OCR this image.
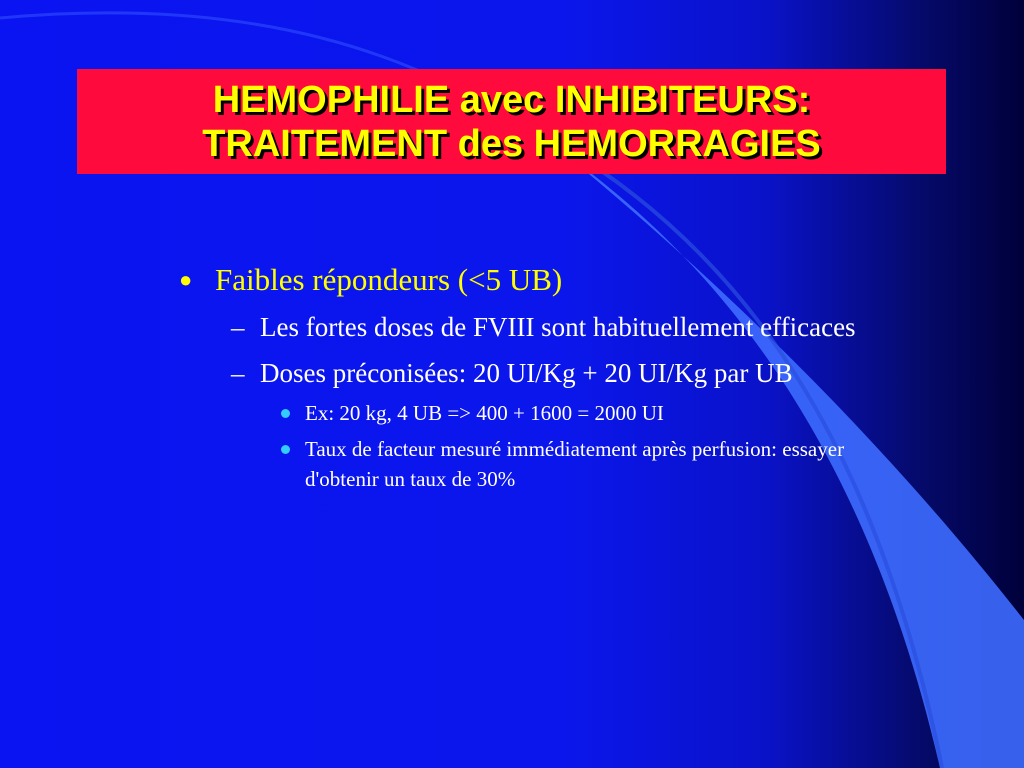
HEMOPHILIE avec INHIBITEURS:
TRAITEMENT des HEMORRAGIES
● Faibles répondeurs (<5 UB)
– Les fortes doses de FVIII sont habituellement efficaces
– Doses préconisées: 20 UI/Kg + 20 UI/Kg par UB
Ex: 20 kg, 4 UB => 400 + 1600 = 2000 UI
Taux de facteur mesuré immédiatement après perfusion: essayer d'obtenir un taux de 30%
